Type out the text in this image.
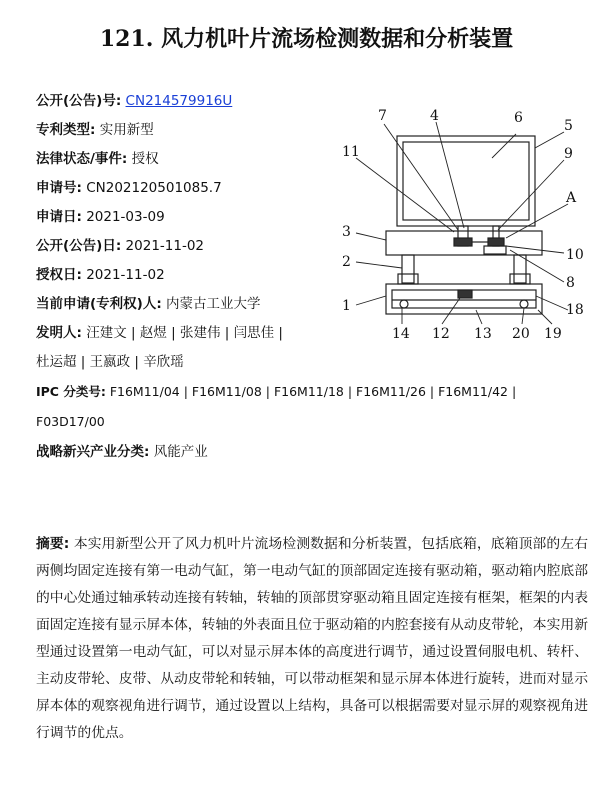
121. 风力机叶片流场检测数据和分析装置
公开(公告)号: CN214579916U
专利类型: 实用新型
法律状态/事件: 授权
申请号: CN202120501085.7
申请日: 2021-03-09
公开(公告)日: 2021-11-02
授权日: 2021-11-02
当前申请(专利权)人: 内蒙古工业大学
发明人: 汪建文 | 赵煜 | 张建伟 | 闫思佳 |
杜运超 | 王嬴政 | 辛欣瑶
IPC 分类号: F16M11/04 | F16M11/08 | F16M11/18 | F16M11/26 | F16M11/42 |
F03D17/00
战略新兴产业分类: 风能产业
7	4	6	5
11	9
A
3
10
2
8
1	18
14 12 13 20 19
摘要: 本实用新型公开了风力机叶片流场检测数据和分析装置，包括底箱，底箱顶部的左右两侧均固定连接有第一电动气缸，第一电动气缸的顶部固定连接有驱动箱，驱动箱内腔底部的中心处通过轴承转动连接有转轴，转轴的顶部贯穿驱动箱且固定连接有框架，框架的内表面固定连接有显示屏本体，转轴的外表面且位于驱动箱的内腔套接有从动皮带轮，本实用新型通过设置第一电动气缸，可以对显示屏本体的高度进行调节，通过设置伺服电机、转杆、主动皮带轮、皮带、从动皮带轮和转轴，可以带动框架和显示屏本体进行旋转，进而对显示屏本体的观察视角进行调节，通过设置以上结构，具备可以根据需要对显示屏的观察视角进行调节的优点。
